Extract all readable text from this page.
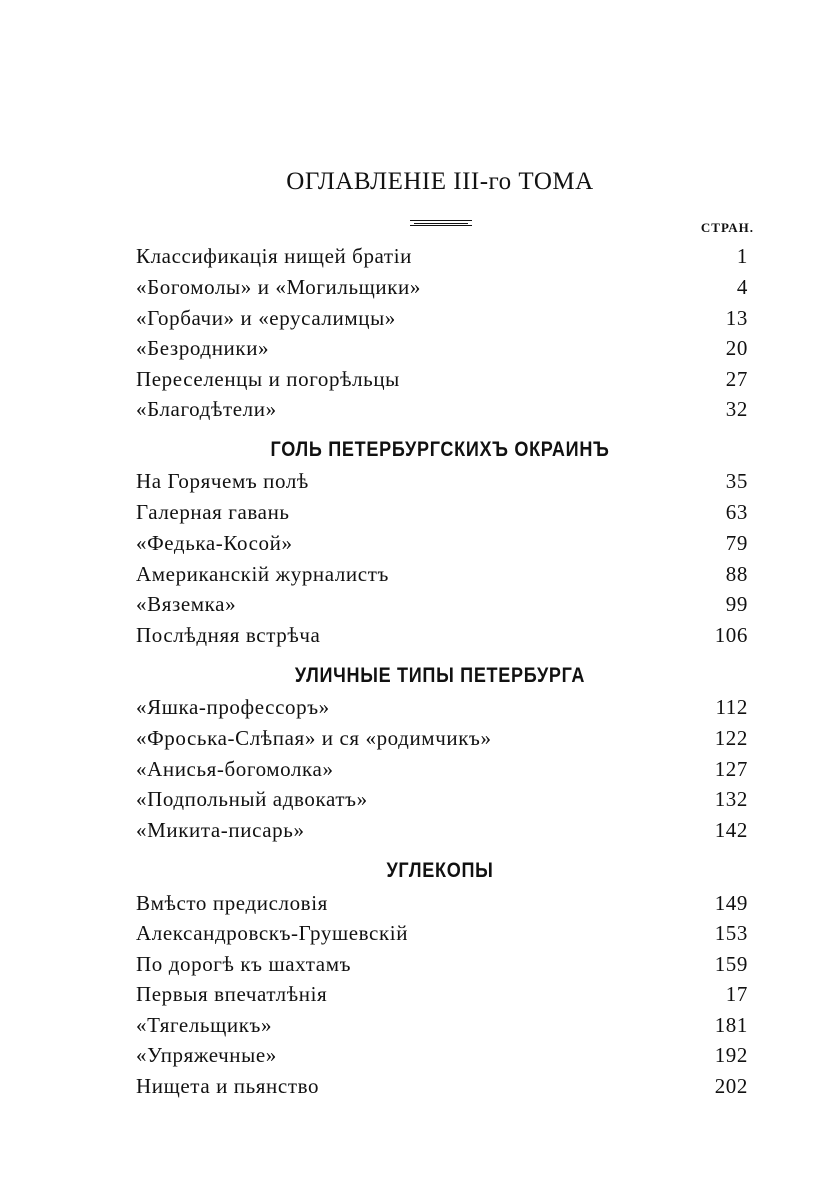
ОГЛАВЛЕНІЕ III-го ТОМА
СТРАН.
Классификація нищей братіи	1
«Богомолы» и «Могильщики»	4
«Горбачи» и «ерусалимцы»	13
«Безродники»	20
Переселенцы и погорѣльцы	27
«Благодѣтели»	32
ГОЛЬ ПЕТЕРБУРГСКИХЪ ОКРАИНЪ
На Горячемъ полѣ	35
Галерная гавань	63
«Федька-Косой»	79
Американскій журналистъ	88
«Вяземка»	99
Послѣдняя встрѣча	106
УЛИЧНЫЕ ТИПЫ ПЕТЕРБУРГА
«Яшка-профессоръ»	112
«Фроська-Слѣпая» и ся «родимчикъ»	122
«Анисья-богомолка»	127
«Подпольный адвокатъ»	132
«Микита-писарь»	142
УГЛЕКОПЫ
Вмѣсто предисловія	149
Александровскъ-Грушевскій	153
По дорогѣ къ шахтамъ	159
Первыя впечатлѣнія	17
«Тягельщикъ»	181
«Упряжечные»	192
Нищета и пьянство	202
